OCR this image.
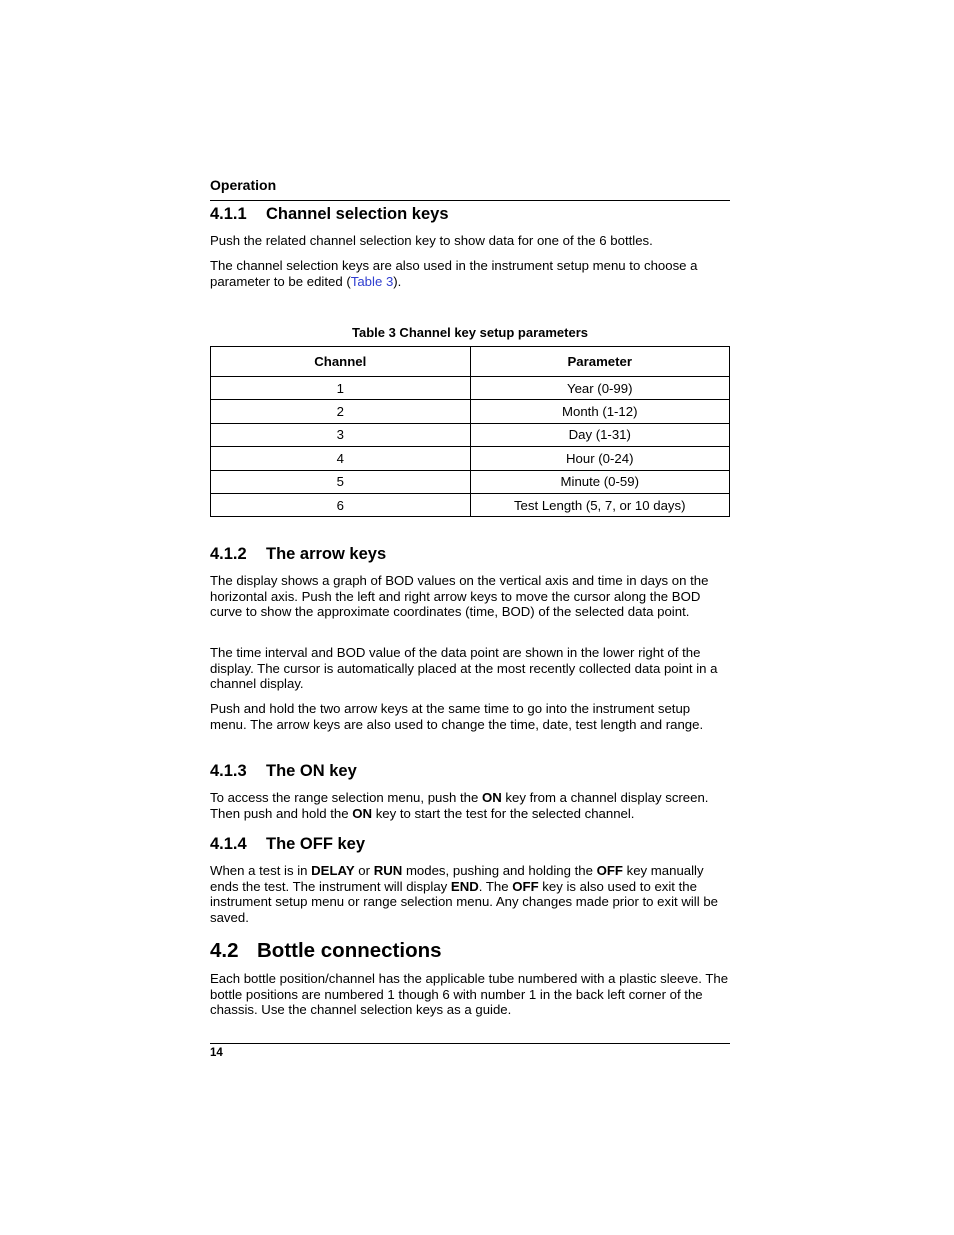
Operation
4.1.1 Channel selection keys

Push the related channel selection key to show data for one of the 6 bottles.

The channel selection keys are also used in the instrument setup menu to choose a parameter to be edited (Table 3).

Table 3 Channel key setup parameters
Channel	Parameter
1	Year (0-99)
2	Month (1-12)
3	Day (1-31)
4	Hour (0-24)
5	Minute (0-59)
6	Test Length (5, 7, or 10 days)
4.1.2 The arrow keys

The display shows a graph of BOD values on the vertical axis and time in days on the horizontal axis. Push the left and right arrow keys to move the cursor along the BOD curve to show the approximate coordinates (time, BOD) of the selected data point.

The time interval and BOD value of the data point are shown in the lower right of the display. The cursor is automatically placed at the most recently collected data point in a channel display.

Push and hold the two arrow keys at the same time to go into the instrument setup menu. The arrow keys are also used to change the time, date, test length and range.

4.1.3 The ON key

To access the range selection menu, push the ON key from a channel display screen. Then push and hold the ON key to start the test for the selected channel.

4.1.4 The OFF key

When a test is in DELAY or RUN modes, pushing and holding the OFF key manually ends the test. The instrument will display END. The OFF key is also used to exit the instrument setup menu or range selection menu. Any changes made prior to exit will be saved.

4.2 Bottle connections

Each bottle position/channel has the applicable tube numbered with a plastic sleeve. The bottle positions are numbered 1 though 6 with number 1 in the back left corner of the chassis. Use the channel selection keys as a guide.

14
